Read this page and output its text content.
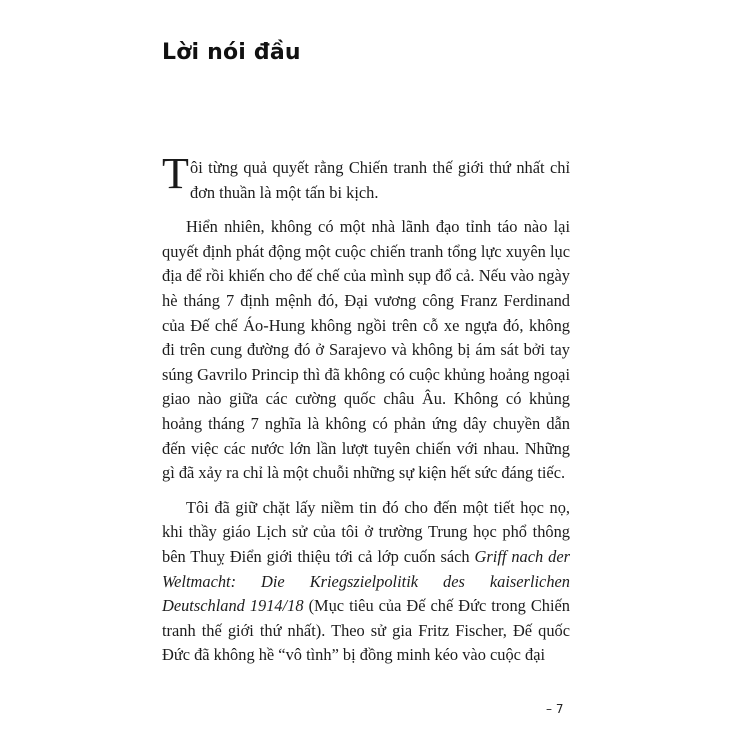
Lời nói đầu

T ôi từng quả quyết rằng Chiến tranh thế giới thứ nhất chỉ đơn thuần là một tấn bi kịch.

Hiển nhiên, không có một nhà lãnh đạo tỉnh táo nào lại quyết định phát động một cuộc chiến tranh tổng lực xuyên lục địa để rồi khiến cho đế chế của mình sụp đổ cả. Nếu vào ngày hè tháng 7 định mệnh đó, Đại vương công Franz Ferdinand của Đế chế Áo-Hung không ngồi trên cỗ xe ngựa đó, không đi trên cung đường đó ở Sarajevo và không bị ám sát bởi tay súng Gavrilo Princip thì đã không có cuộc khủng hoảng ngoại giao nào giữa các cường quốc châu Âu. Không có khủng hoảng tháng 7 nghĩa là không có phản ứng dây chuyền dẫn đến việc các nước lớn lần lượt tuyên chiến với nhau. Những gì đã xảy ra chỉ là một chuỗi những sự kiện hết sức đáng tiếc.

Tôi đã giữ chặt lấy niềm tin đó cho đến một tiết học nọ, khi thầy giáo Lịch sử của tôi ở trường Trung học phổ thông bên Thuỵ Điển giới thiệu tới cả lớp cuốn sách Griff nach der Weltmacht: Die Kriegszielpolitik des kaiserlichen Deutschland 1914/18 (Mục tiêu của Đế chế Đức trong Chiến tranh thế giới thứ nhất). Theo sử gia Fritz Fischer, Đế quốc Đức đã không hề “vô tình” bị đồng minh kéo vào cuộc đại

– 7
